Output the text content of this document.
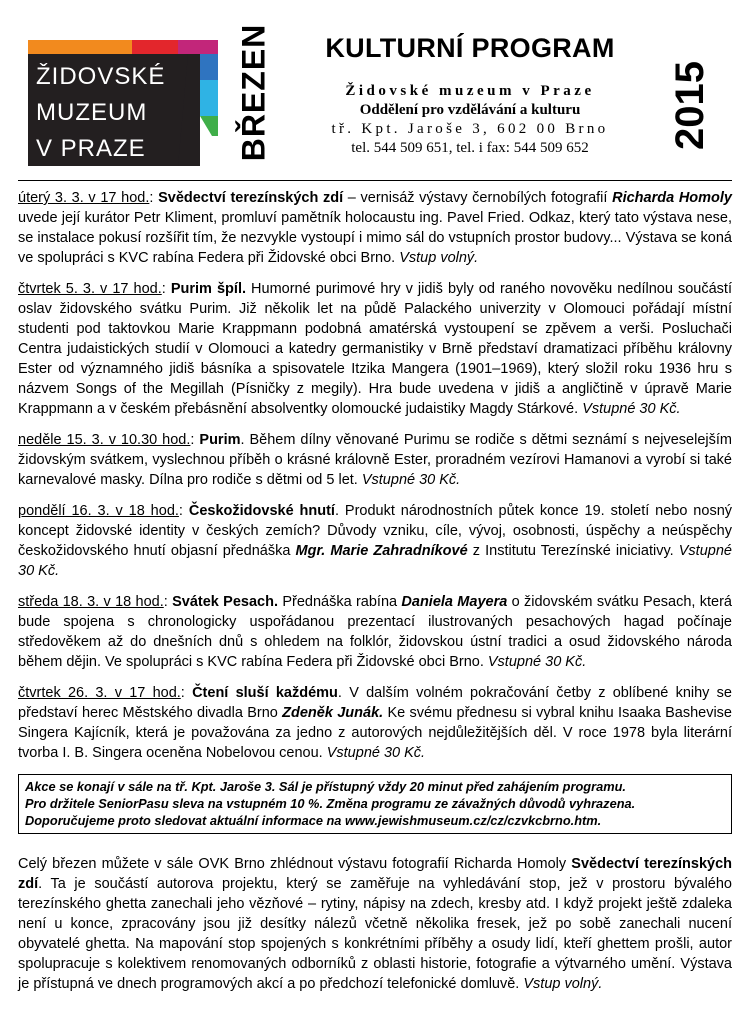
ŽIDOVSKÉ
MUZEUM
V PRAZE	BŘEZEN	KULTURNÍ PROGRAM
Židovské muzeum v Praze
Oddělení pro vzdělávání a kulturu
tř. Kpt. Jaroše 3, 602 00 Brno
tel. 544 509 651, tel. i fax: 544 509 652	2015

úterý 3. 3. v 17 hod.: Svědectví terezínských zdí – vernisáž výstavy černobílých fotografií Richarda Homoly uvede její kurátor Petr Kliment, promluví pamětník holocaustu ing. Pavel Fried. Odkaz, který tato výstava nese, se instalace pokusí rozšířit tím, že nezvykle vystoupí i mimo sál do vstupních prostor budovy... Výstava se koná ve spolupráci s KVC rabína Federa při Židovské obci Brno. Vstup volný.

čtvrtek 5. 3. v 17 hod.: Purim špíl. Humorné purimové hry v jidiš byly od raného novověku nedílnou součástí oslav židovského svátku Purim. Již několik let na půdě Palackého univerzity v Olomouci pořádají místní studenti pod taktovkou Marie Krappmann podobná amatérská vystoupení se zpěvem a verši. Posluchači Centra judaistických studií v Olomouci a katedry germanistiky v Brně představí dramatizaci příběhu královny Ester od významného jidiš básníka a spisovatele Itzika Mangera (1901–1969), který složil roku 1936 hru s názvem Songs of the Megillah (Písničky z megily). Hra bude uvedena v jidiš a angličtině v úpravě Marie Krappmann a v českém přebásnění absolventky olomoucké judaistiky Magdy Stárkové. Vstupné 30 Kč.

neděle 15. 3. v 10.30 hod.: Purim. Během dílny věnované Purimu se rodiče s dětmi seznámí s nejveselejším židovským svátkem, vyslechnou příběh o krásné královně Ester, proradném vezírovi Hamanovi a vyrobí si také karnevalové masky. Dílna pro rodiče s dětmi od 5 let. Vstupné 30 Kč.

pondělí 16. 3. v 18 hod.: Českožidovské hnutí. Produkt národnostních půtek konce 19. století nebo nosný koncept židovské identity v českých zemích? Důvody vzniku, cíle, vývoj, osobnosti, úspěchy a neúspěchy českožidovského hnutí objasní přednáška Mgr. Marie Zahradníkové z Institutu Terezínské iniciativy. Vstupné 30 Kč.

středa 18. 3. v 18 hod.: Svátek Pesach. Přednáška rabína Daniela Mayera o židovském svátku Pesach, která bude spojena s chronologicky uspořádanou prezentací ilustrovaných pesachových hagad počínaje středověkem až do dnešních dnů s ohledem na folklór, židovskou ústní tradici a osud židovského národa během dějin. Ve spolupráci s KVC rabína Federa při Židovské obci Brno. Vstupné 30 Kč.

čtvrtek 26. 3. v 17 hod.: Čtení sluší každému. V dalším volném pokračování četby z oblíbené knihy se představí herec Městského divadla Brno Zdeněk Junák. Ke svému přednesu si vybral knihu Isaaka Bashevise Singera Kajícník, která je považována za jedno z autorových nejdůležitějších děl. V roce 1978 byla literární tvorba I. B. Singera oceněna Nobelovou cenou. Vstupné 30 Kč.

Akce se konají v sále na tř. Kpt. Jaroše 3. Sál je přístupný vždy 20 minut před zahájením programu.
Pro držitele SeniorPasu sleva na vstupném 10 %. Změna programu ze závažných důvodů vyhrazena.
Doporučujeme proto sledovat aktuální informace na www.jewishmuseum.cz/cz/czvkcbrno.htm.

Celý březen můžete v sále OVK Brno zhlédnout výstavu fotografií Richarda Homoly Svědectví terezínských zdí. Ta je součástí autorova projektu, který se zaměřuje na vyhledávání stop, jež v prostoru bývalého terezínského ghetta zanechali jeho vězňové – rytiny, nápisy na zdech, kresby atd. I když projekt ještě zdaleka není u konce, zpracovány jsou již desítky nálezů včetně několika fresek, jež po sobě zanechali nucení obyvatelé ghetta. Na mapování stop spojených s konkrétními příběhy a osudy lidí, kteří ghettem prošli, autor spolupracuje s kolektivem renomovaných odborníků z oblasti historie, fotografie a výtvarného umění. Výstava je přístupná ve dnech programových akcí a po předchozí telefonické domluvě. Vstup volný.
